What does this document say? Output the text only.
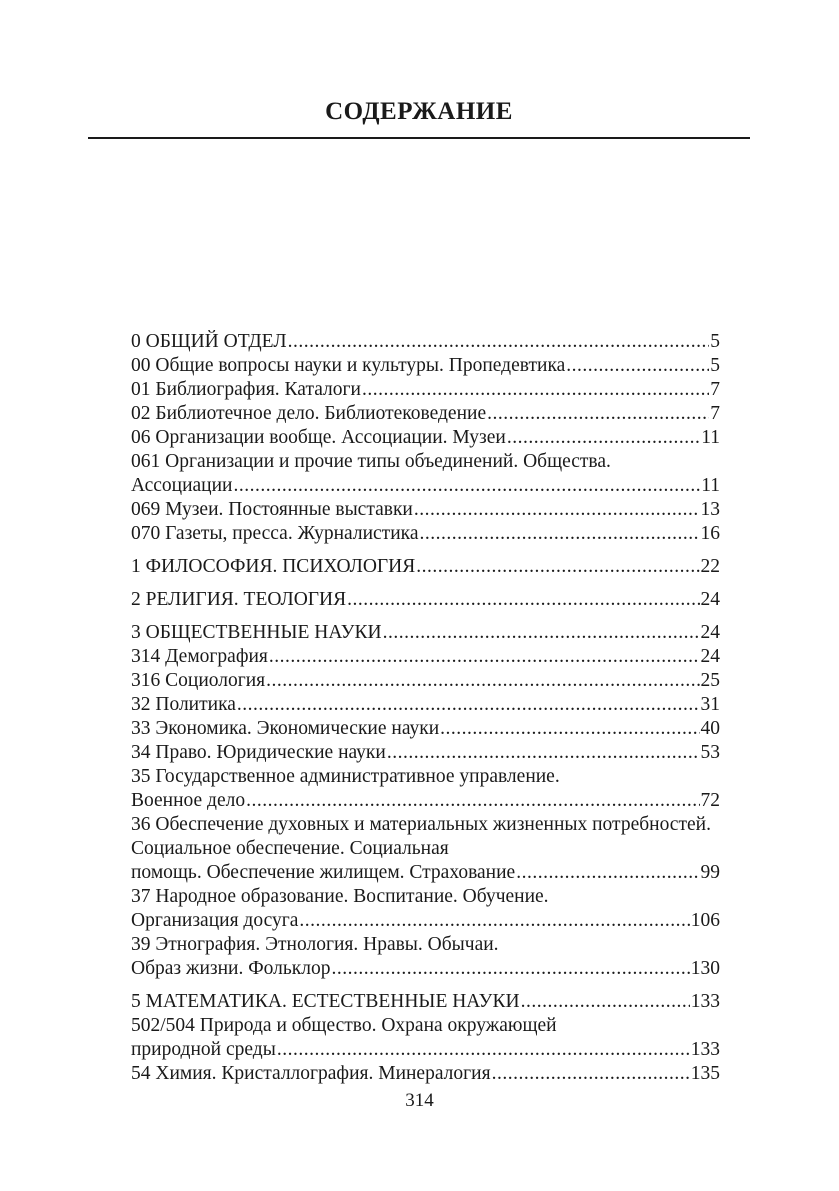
СОДЕРЖАНИЕ
0 ОБЩИЙ ОТДЕЛ .....	5
00 Общие вопросы науки и культуры. Пропедевтика .....	5
01 Библиография. Каталоги .....	7
02 Библиотечное дело. Библиотековедение .....	7
06 Организации вообще. Ассоциации. Музеи .....	11
061 Организации и прочие типы объединений. Общества.
Ассоциации .....	11
069 Музеи. Постоянные выставки .....	13
070 Газеты, пресса. Журналистика .....	16
1 ФИЛОСОФИЯ. ПСИХОЛОГИЯ .....	22
2 РЕЛИГИЯ. ТЕОЛОГИЯ .....	24
3 ОБЩЕСТВЕННЫЕ НАУКИ .....	24
314 Демография .....	24
316 Социология .....	25
32 Политика .....	31
33 Экономика. Экономические науки .....	40
34 Право. Юридические науки .....	53
35 Государственное административное управление.
Военное дело .....	72
36 Обеспечение духовных и материальных жизненных потребностей. Социальное обеспечение. Социальная
помощь. Обеспечение жилищем. Страхование .....	99
37 Народное образование. Воспитание. Обучение.
Организация досуга .....	106
39 Этнография. Этнология. Нравы. Обычаи.
Образ жизни. Фольклор .....	130
5 МАТЕМАТИКА. ЕСТЕСТВЕННЫЕ НАУКИ .....	133
502/504 Природа и общество. Охрана окружающей
природной среды .....	133
54 Химия. Кристаллография. Минералогия .....	135
314
